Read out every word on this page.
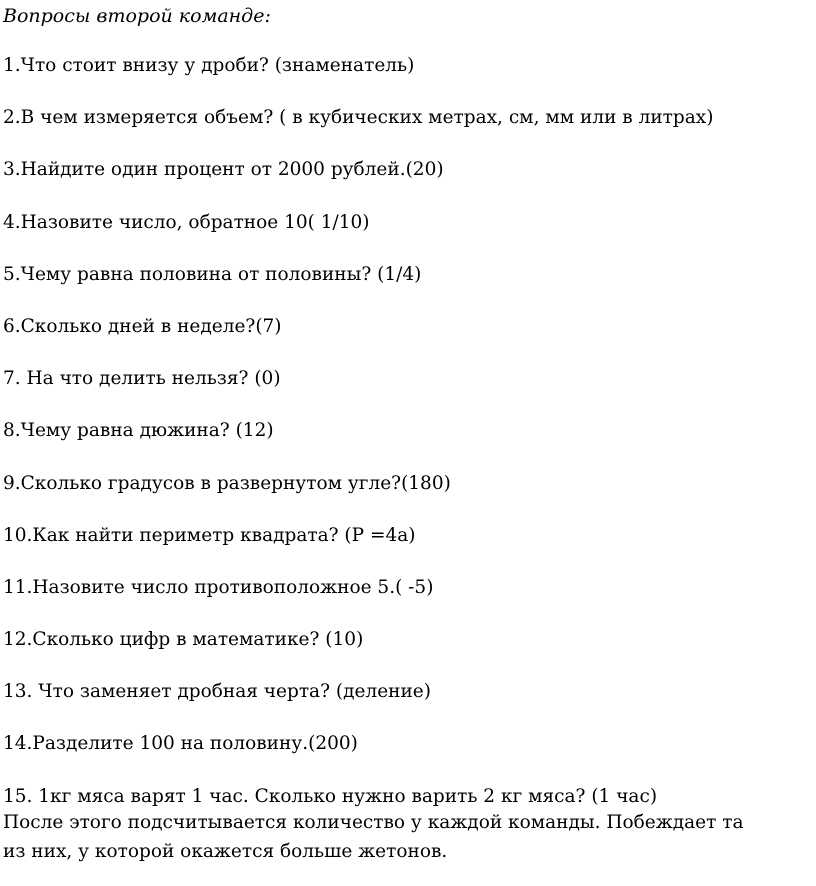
Вопросы второй команде:
1.Что стоит внизу у дроби? (знаменатель)
2.В чем измеряется объем? ( в кубических метрах, см, мм или в литрах)
3.Найдите один процент от 2000 рублей.(20)
4.Назовите число, обратное 10( 1/10)
5.Чему равна половина от половины? (1/4)
6.Сколько дней в неделе?(7)
7. На что делить нельзя? (0)
8.Чему равна дюжина? (12)
9.Сколько градусов в развернутом угле?(180)
10.Как найти периметр квадрата? (Р =4а)
11.Назовите число противоположное 5.( -5)
12.Сколько цифр в математике? (10)
13. Что заменяет дробная черта? (деление)
14.Разделите 100 на половину.(200)
15. 1кг мяса варят 1 час. Сколько нужно варить 2 кг мяса? (1 час)

После этого подсчитывается количество у каждой команды. Побеждает та
из них, у которой окажется больше жетонов.
